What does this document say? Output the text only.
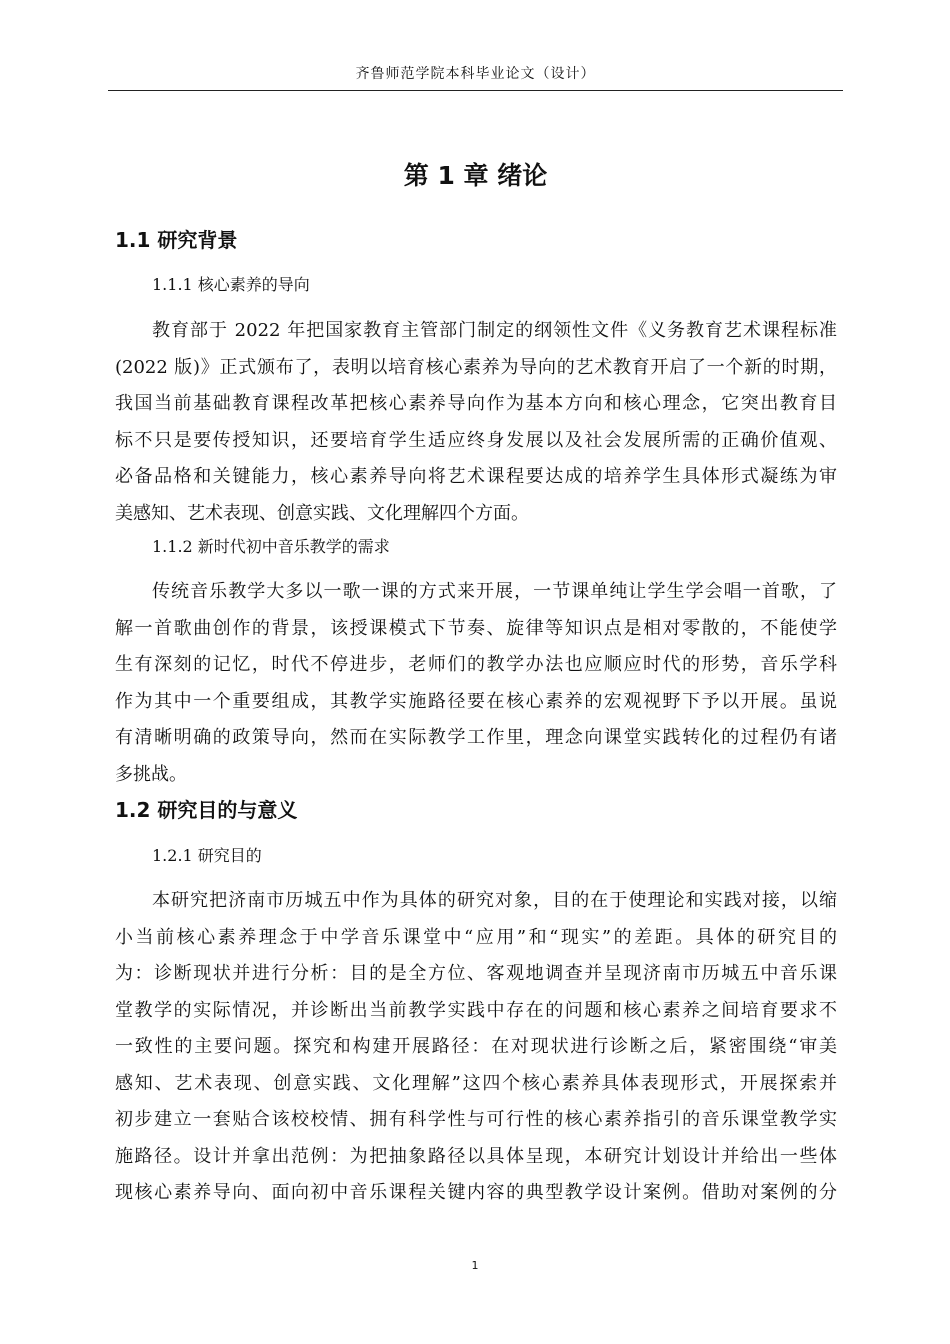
齐鲁师范学院本科毕业论文（设计）
第 1 章 绪论
1.1 研究背景
1.1.1 核心素养的导向
教育部于 2022 年把国家教育主管部门制定的纲领性文件《义务教育艺术课程标准
(2022 版)》正式颁布了，表明以培育核心素养为导向的艺术教育开启了一个新的时期，
我国当前基础教育课程改革把核心素养导向作为基本方向和核心理念，它突出教育目
标不只是要传授知识，还要培育学生适应终身发展以及社会发展所需的正确价值观、
必备品格和关键能力，核心素养导向将艺术课程要达成的培养学生具体形式凝练为审
美感知、艺术表现、创意实践、文化理解四个方面。
1.1.2 新时代初中音乐教学的需求
传统音乐教学大多以一歌一课的方式来开展，一节课单纯让学生学会唱一首歌，了
解一首歌曲创作的背景，该授课模式下节奏、旋律等知识点是相对零散的，不能使学
生有深刻的记忆，时代不停进步，老师们的教学办法也应顺应时代的形势，音乐学科
作为其中一个重要组成，其教学实施路径要在核心素养的宏观视野下予以开展。虽说
有清晰明确的政策导向，然而在实际教学工作里，理念向课堂实践转化的过程仍有诸
多挑战。
1.2 研究目的与意义
1.2.1 研究目的
本研究把济南市历城五中作为具体的研究对象，目的在于使理论和实践对接，以缩
小当前核心素养理念于中学音乐课堂中“应用”和“现实”的差距。具体的研究目的
为：诊断现状并进行分析：目的是全方位、客观地调查并呈现济南市历城五中音乐课
堂教学的实际情况，并诊断出当前教学实践中存在的问题和核心素养之间培育要求不
一致性的主要问题。探究和构建开展路径：在对现状进行诊断之后，紧密围绕“审美
感知、艺术表现、创意实践、文化理解”这四个核心素养具体表现形式，开展探索并
初步建立一套贴合该校校情、拥有科学性与可行性的核心素养指引的音乐课堂教学实
施路径。设计并拿出范例：为把抽象路径以具体呈现，本研究计划设计并给出一些体
现核心素养导向、面向初中音乐课程关键内容的典型教学设计案例。借助对案例的分
1
